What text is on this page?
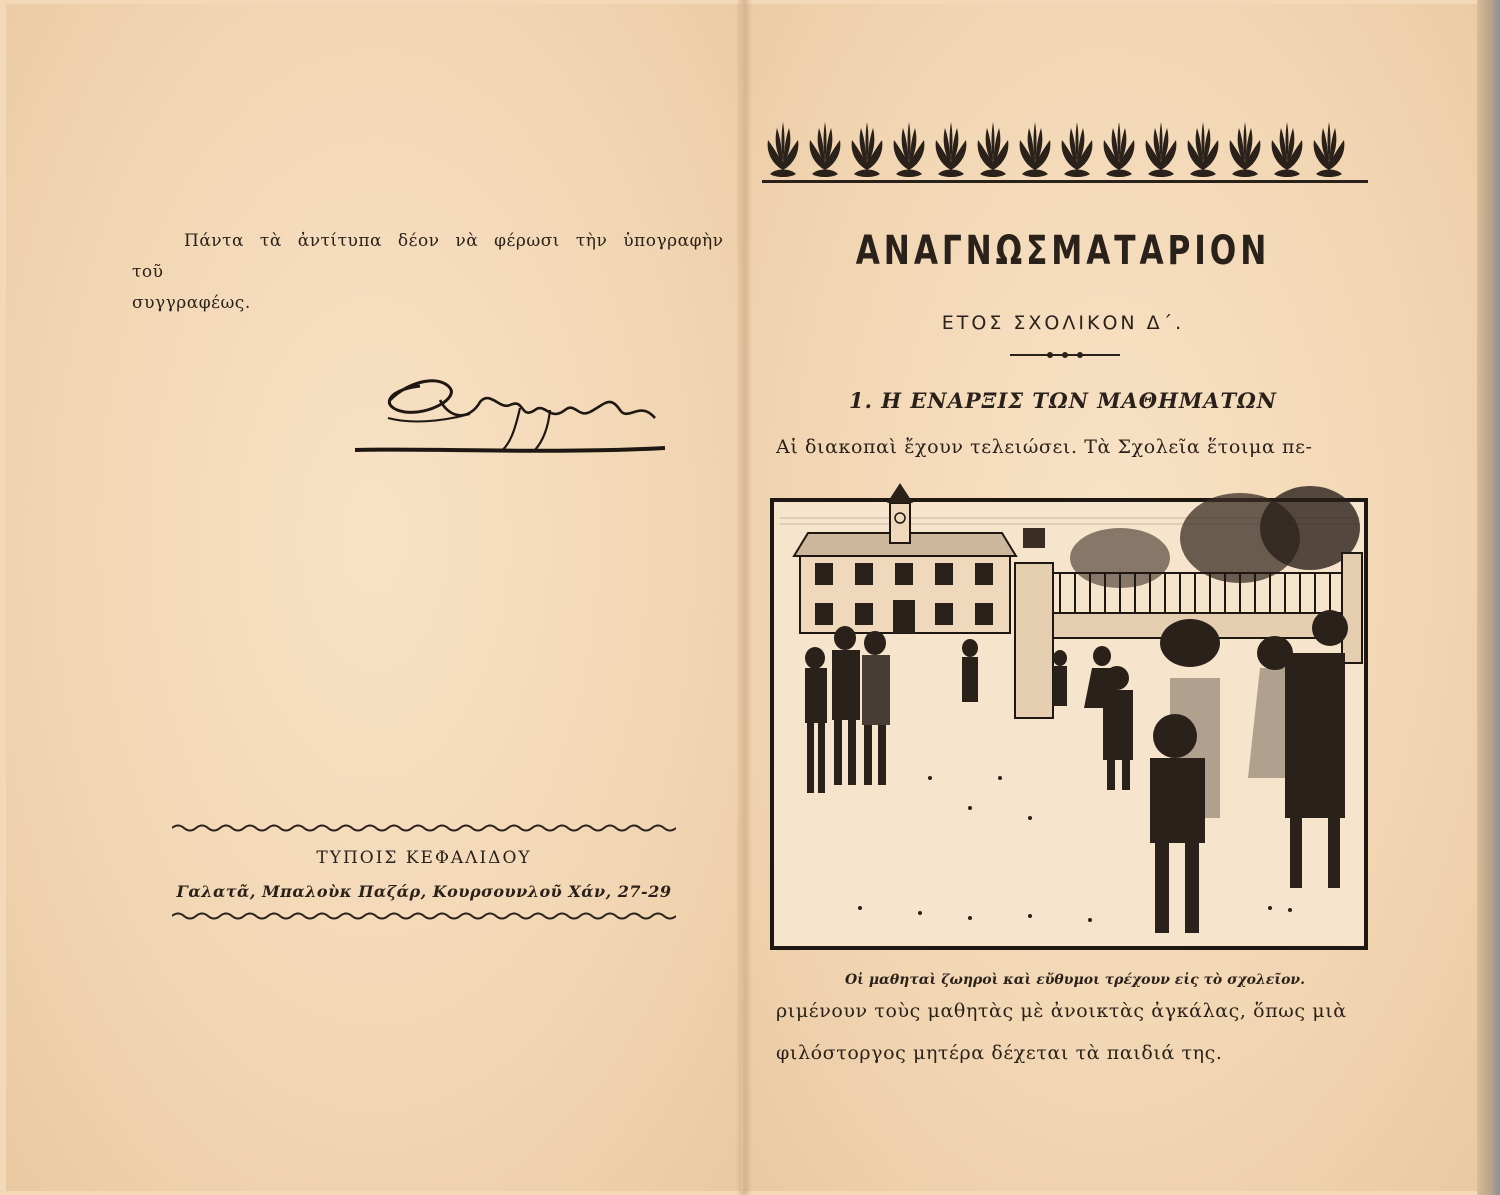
Πάντα τὰ ἀντίτυπα δέον νὰ φέρωσι τὴν ὑπογραφὴν τοῦ
συγγραφέως.
Δ Σερρεῖδ
ΤΥΠΟΙΣ ΚΕΦΑΛΙΔΟΥ
Γαλατᾶ, Μπαλοὺκ Παζάρ, Κουρσουνλοῦ Χάν, 27-29
ΑΝΑΓΝΩΣΜΑΤΑΡΙΟΝ
ΕΤΟΣ ΣΧΟΛΙΚΟΝ Δ΄.
1. Η ΕΝΑΡΞΙΣ ΤΩΝ ΜΑΘΗΜΑΤΩΝ
Αἱ διακοπαὶ ἔχουν τελειώσει. Τὰ Σχολεῖα ἕτοιμα πε-
Οἱ μαθηταὶ ζωηροὶ καὶ εὔθυμοι τρέχουν εἰς τὸ σχολεῖον.
ριμένουν τοὺς μαθητὰς μὲ ἀνοικτὰς ἀγκάλας, ὅπως μιὰ
φιλόστοργος μητέρα δέχεται τὰ παιδιά της.
